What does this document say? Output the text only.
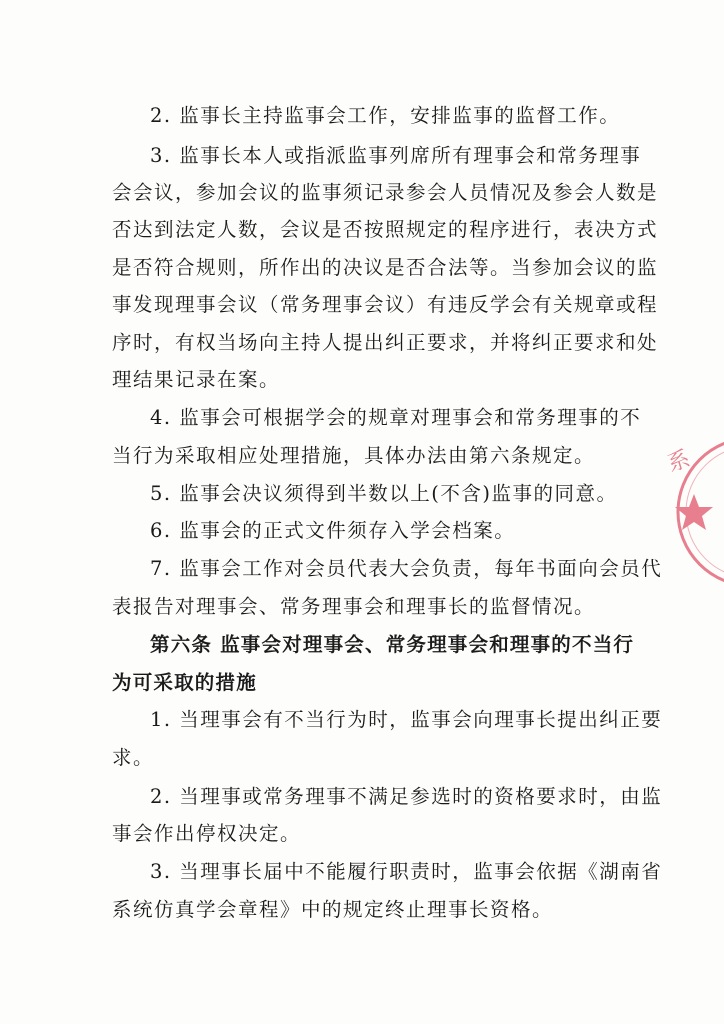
2. 监事长主持监事会工作，安排监事的监督工作。
3. 监事长本人或指派监事列席所有理事会和常务理事
会会议，参加会议的监事须记录参会人员情况及参会人数是
否达到法定人数，会议是否按照规定的程序进行，表决方式
是否符合规则，所作出的决议是否合法等。当参加会议的监
事发现理事会议（常务理事会议）有违反学会有关规章或程
序时，有权当场向主持人提出纠正要求，并将纠正要求和处
理结果记录在案。
4. 监事会可根据学会的规章对理事会和常务理事的不
当行为采取相应处理措施，具体办法由第六条规定。
5. 监事会决议须得到半数以上(不含)监事的同意。
6. 监事会的正式文件须存入学会档案。
7. 监事会工作对会员代表大会负责，每年书面向会员代
表报告对理事会、常务理事会和理事长的监督情况。
第六条 监事会对理事会、常务理事会和理事的不当行
为可采取的措施
1. 当理事会有不当行为时，监事会向理事长提出纠正要
求。
2. 当理事或常务理事不满足参选时的资格要求时，由监
事会作出停权决定。
3. 当理事长届中不能履行职责时，监事会依据《湖南省
系统仿真学会章程》中的规定终止理事长资格。
系
